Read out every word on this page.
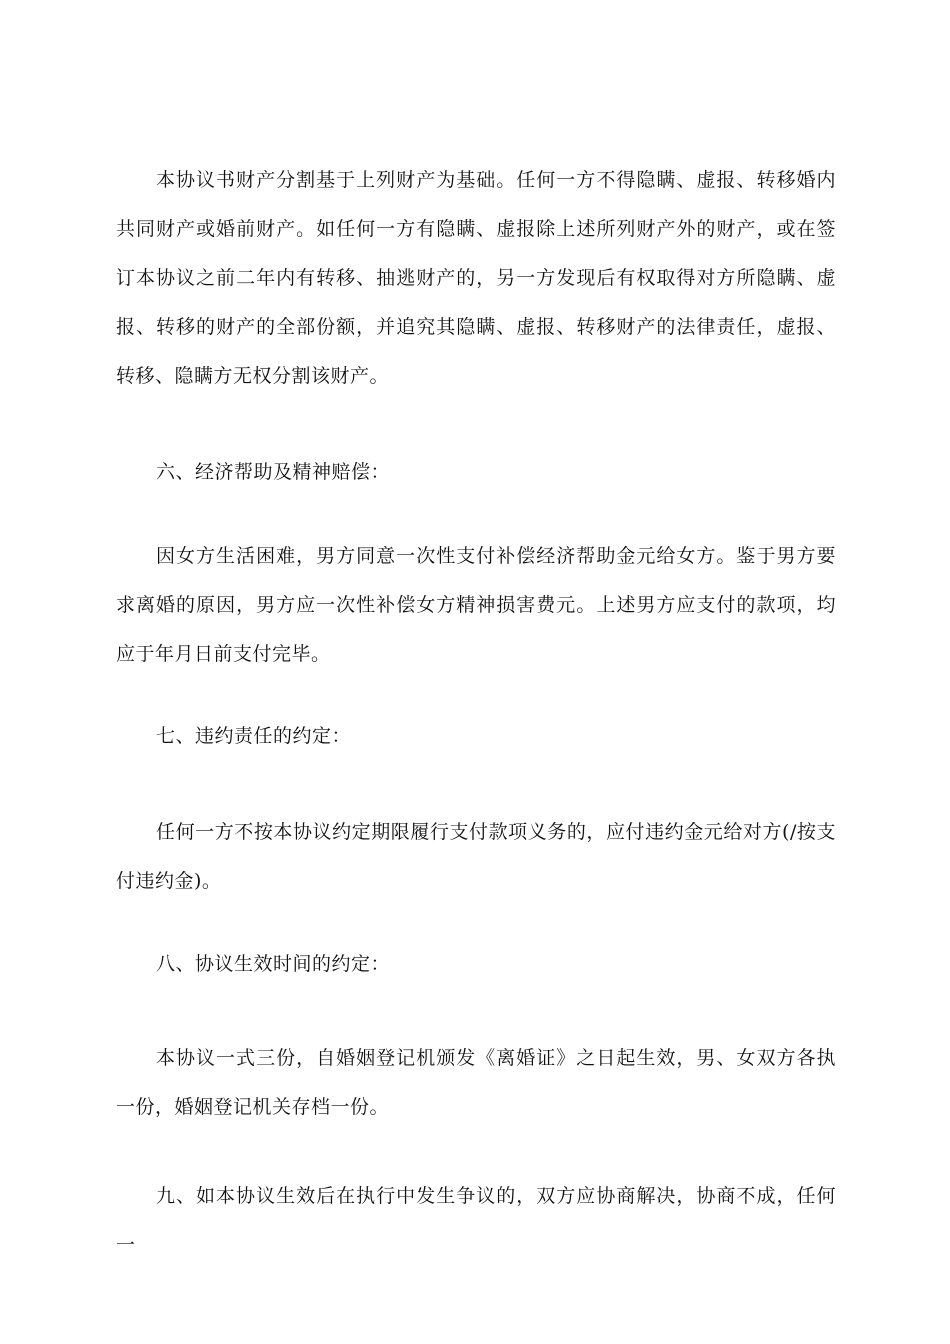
本协议书财产分割基于上列财产为基础。任何一方不得隐瞒、虚报、转移婚内共同财产或婚前财产。如任何一方有隐瞒、虚报除上述所列财产外的财产，或在签订本协议之前二年内有转移、抽逃财产的，另一方发现后有权取得对方所隐瞒、虚报、转移的财产的全部份额，并追究其隐瞒、虚报、转移财产的法律责任，虚报、转移、隐瞒方无权分割该财产。

六、经济帮助及精神赔偿：

因女方生活困难，男方同意一次性支付补偿经济帮助金元给女方。鉴于男方要求离婚的原因，男方应一次性补偿女方精神损害费元。上述男方应支付的款项，均应于年月日前支付完毕。

七、违约责任的约定：

任何一方不按本协议约定期限履行支付款项义务的，应付违约金元给对方(/按支付违约金)。

八、协议生效时间的约定：

本协议一式三份，自婚姻登记机颁发《离婚证》之日起生效，男、女双方各执一份，婚姻登记机关存档一份。

九、如本协议生效后在执行中发生争议的，双方应协商解决，协商不成，任何一
